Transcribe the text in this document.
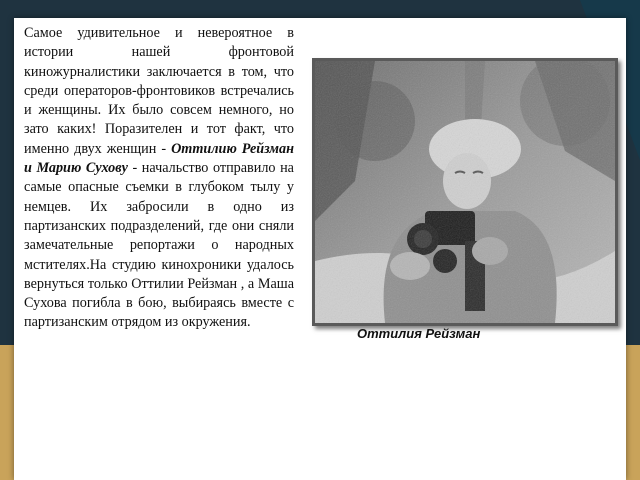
Самое удивительное и невероятное в истории нашей фронтовой киножурналистики заключается в том, что среди операторов-фронтовиков встречались и женщины. Их было совсем немного, но зато каких! Поразителен и тот факт, что именно двух женщин - Оттилию Рейзман и Марию Сухову - начальство отправило на самые опасные съемки в глубоком тылу у немцев. Их забросили в одно из партизанских подразделений, где они сняли замечательные репортажи о народных мстителях.На студию кинохроники удалось вернуться только Оттилии Рейзман , а Маша Сухова погибла в бою, выбираясь вместе с партизанским отрядом из окружения.

Оттилия Рейзман
